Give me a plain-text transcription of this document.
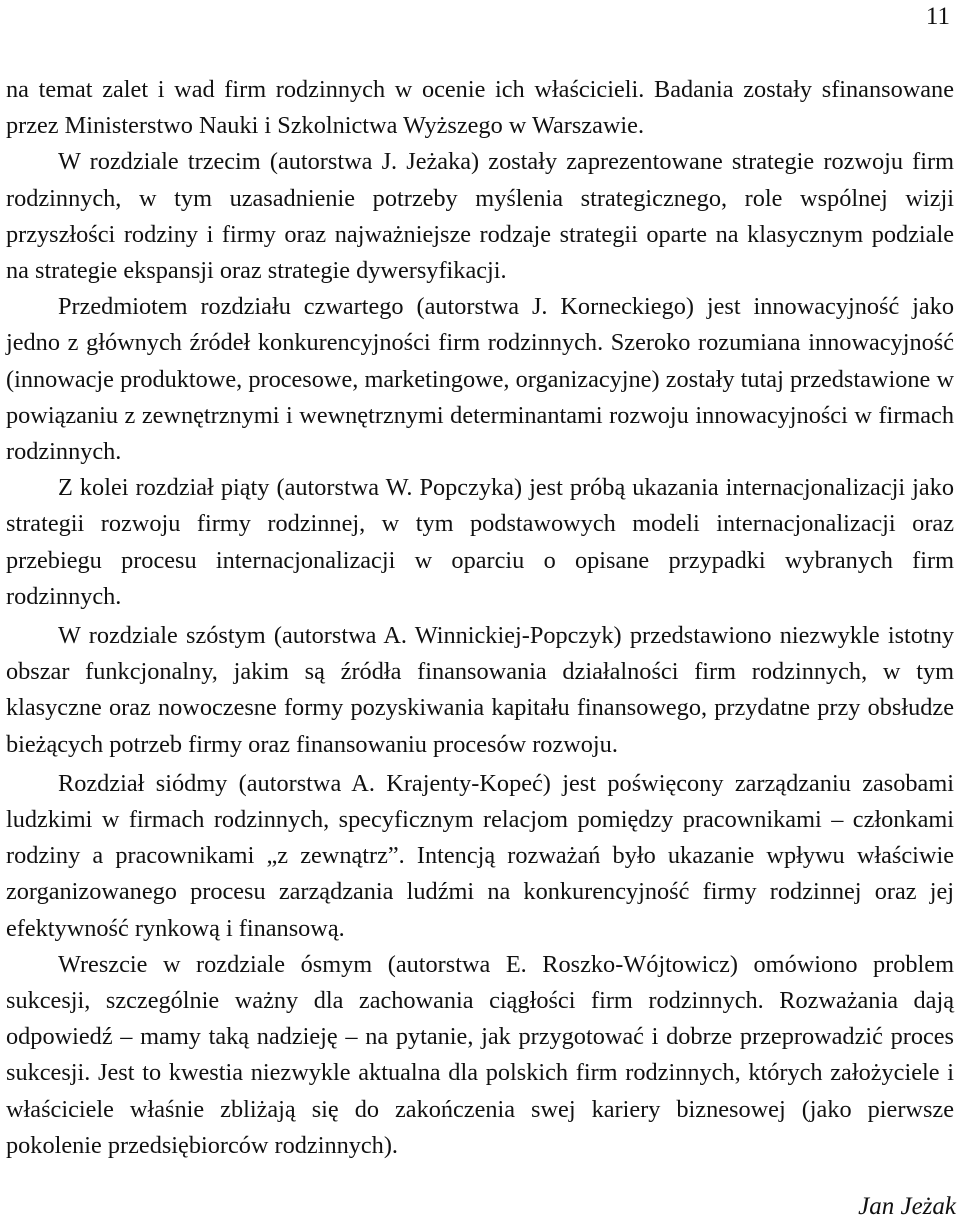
11

na temat zalet i wad firm rodzinnych w ocenie ich właścicieli. Badania zostały sfinansowane przez Ministerstwo Nauki i Szkolnictwa Wyższego w Warszawie.

W rozdziale trzecim (autorstwa J. Jeżaka) zostały zaprezentowane strategie rozwoju firm rodzinnych, w tym uzasadnienie potrzeby myślenia strategicznego, role wspólnej wizji przyszłości rodziny i firmy oraz najważniejsze rodzaje strategii oparte na klasycznym podziale na strategie ekspansji oraz strategie dywersyfikacji.

Przedmiotem rozdziału czwartego (autorstwa J. Korneckiego) jest innowacyjność jako jedno z głównych źródeł konkurencyjności firm rodzinnych. Szeroko rozumiana innowacyjność (innowacje produktowe, procesowe, marketingowe, organizacyjne) zostały tutaj przedstawione w powiązaniu z zewnętrznymi i wewnętrznymi determinantami rozwoju innowacyjności w firmach rodzinnych.

Z kolei rozdział piąty (autorstwa W. Popczyka) jest próbą ukazania internacjonalizacji jako strategii rozwoju firmy rodzinnej, w tym podstawowych modeli internacjonalizacji oraz przebiegu procesu internacjonalizacji w oparciu o opisane przypadki wybranych firm rodzinnych.

W rozdziale szóstym (autorstwa A. Winnickiej-Popczyk) przedstawiono niezwykle istotny obszar funkcjonalny, jakim są źródła finansowania działalności firm rodzinnych, w tym klasyczne oraz nowoczesne formy pozyskiwania kapitału finansowego, przydatne przy obsłudze bieżących potrzeb firmy oraz finansowaniu procesów rozwoju.

Rozdział siódmy (autorstwa A. Krajenty-Kopeć) jest poświęcony zarządzaniu zasobami ludzkimi w firmach rodzinnych, specyficznym relacjom pomiędzy pracownikami – członkami rodziny a pracownikami „z zewnątrz”. Intencją rozważań było ukazanie wpływu właściwie zorganizowanego procesu zarządzania ludźmi na konkurencyjność firmy rodzinnej oraz jej efektywność rynkową i finansową.

Wreszcie w rozdziale ósmym (autorstwa E. Roszko-Wójtowicz) omówiono problem sukcesji, szczególnie ważny dla zachowania ciągłości firm rodzinnych. Rozważania dają odpowiedź – mamy taką nadzieję – na pytanie, jak przygotować i dobrze przeprowadzić proces sukcesji. Jest to kwestia niezwykle aktualna dla polskich firm rodzinnych, których założyciele i właściciele właśnie zbliżają się do zakończenia swej kariery biznesowej (jako pierwsze pokolenie przedsiębiorców rodzinnych).

Jan Jeżak
